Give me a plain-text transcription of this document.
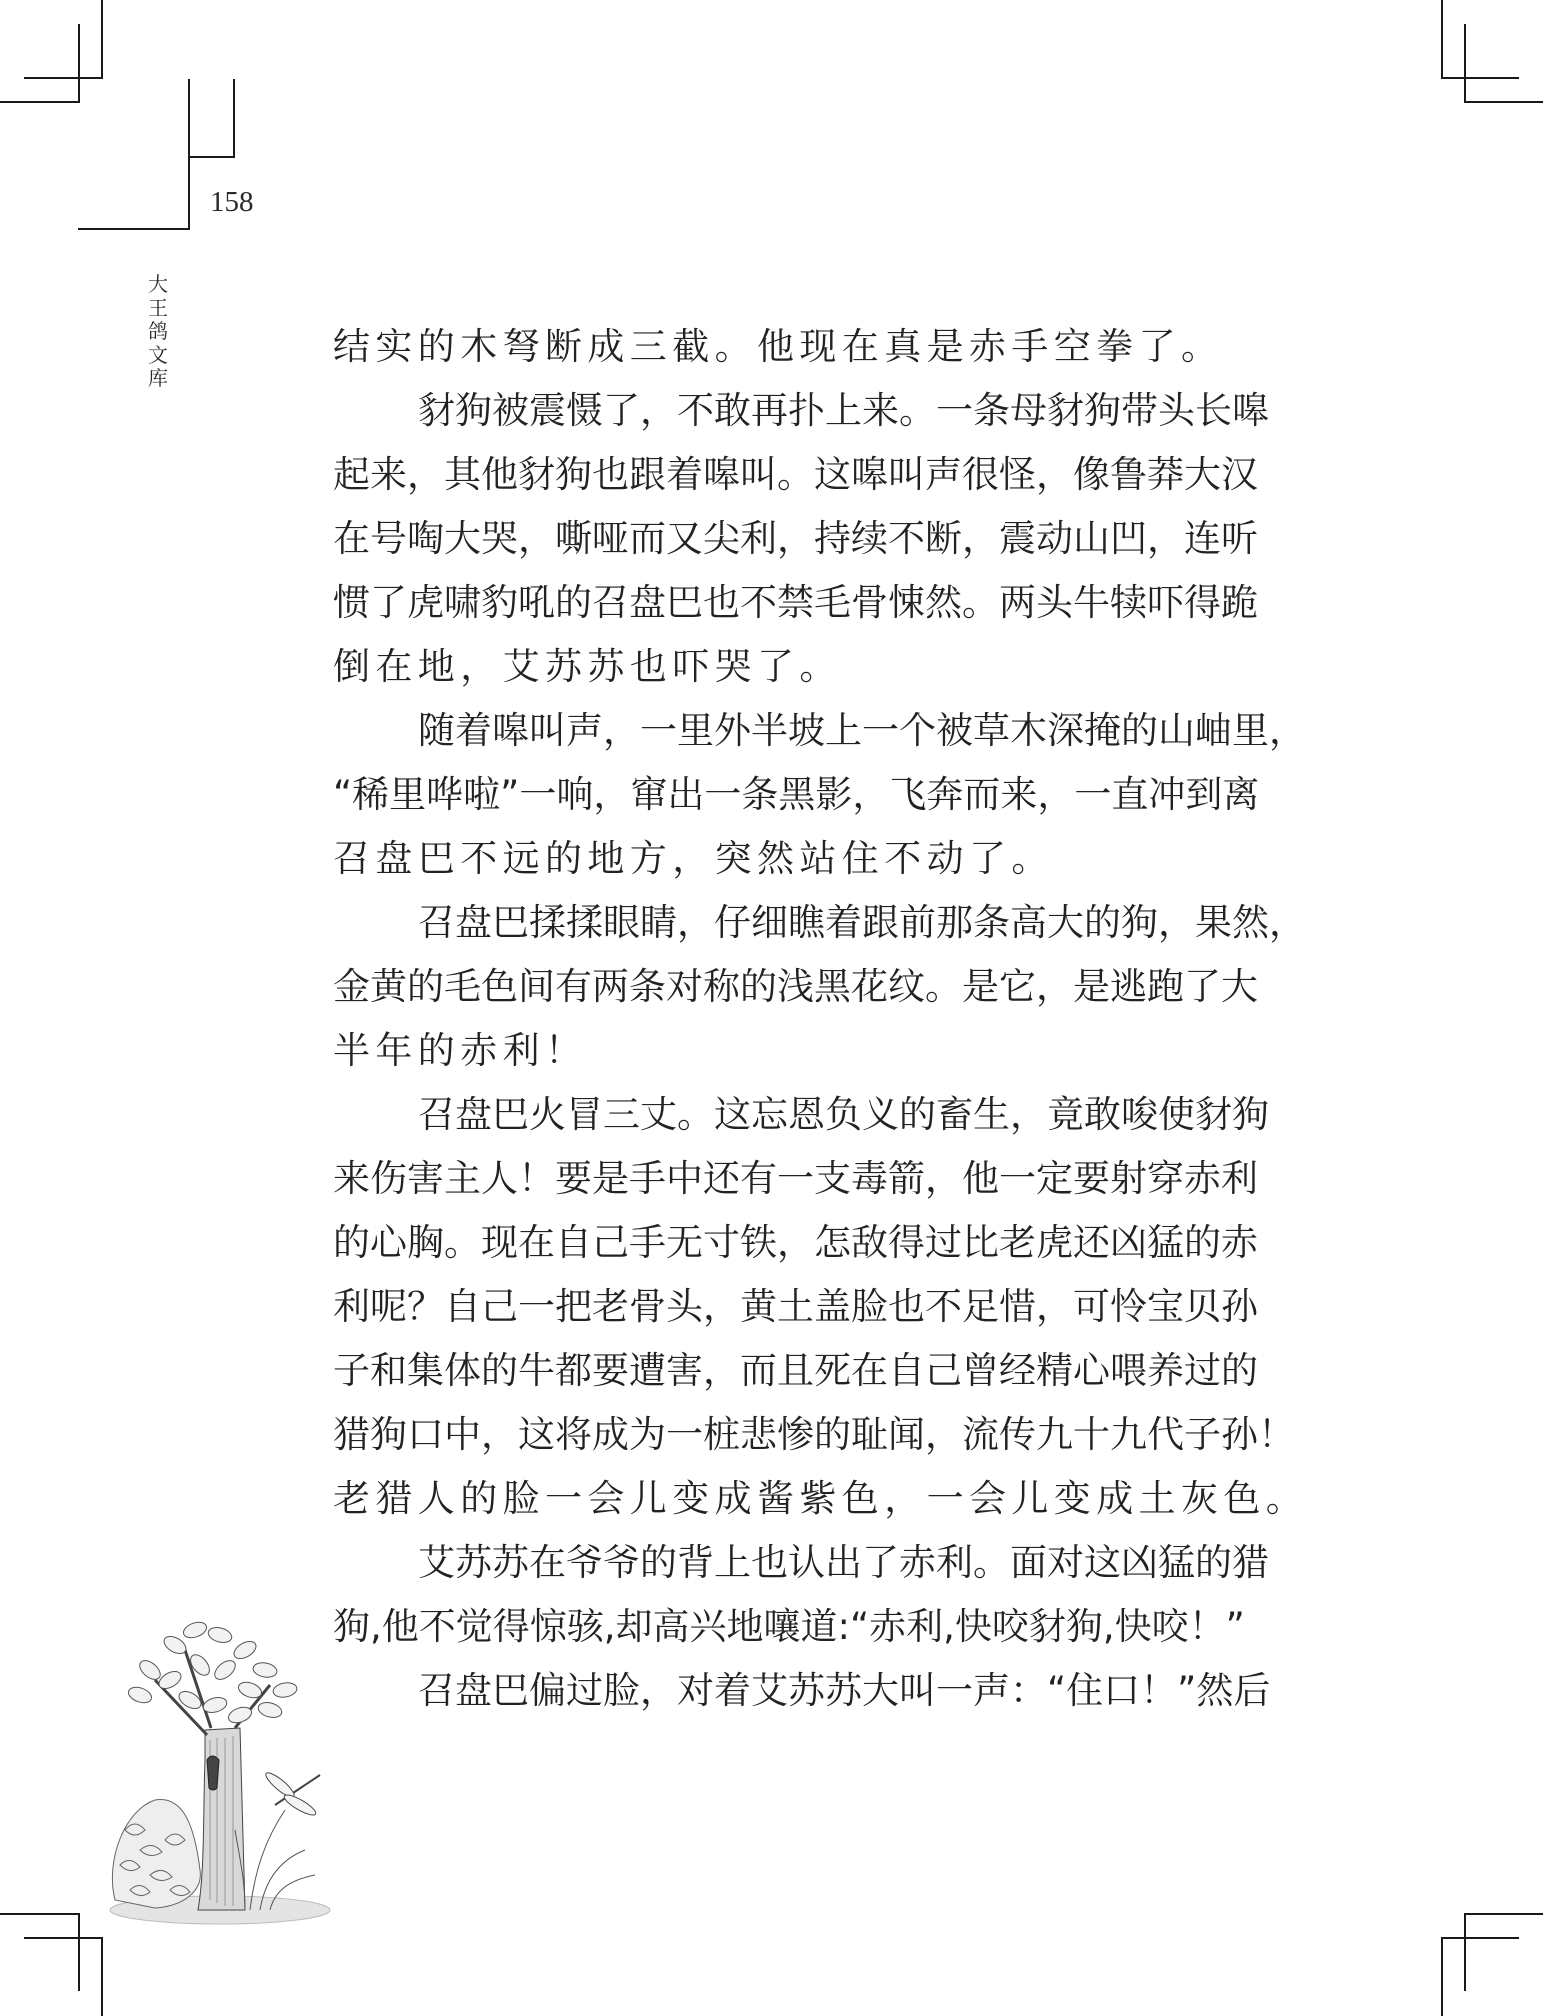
158
大
王
鸽
文
库
结实的木弩断成三截。他现在真是赤手空拳了。
豺狗被震慑了，不敢再扑上来。一条母豺狗带头长嗥
起来，其他豺狗也跟着嗥叫。这嗥叫声很怪，像鲁莽大汉
在号啕大哭，嘶哑而又尖利，持续不断，震动山凹，连听
惯了虎啸豹吼的召盘巴也不禁毛骨悚然。两头牛犊吓得跪
倒在地，艾苏苏也吓哭了。
随着嗥叫声，一里外半坡上一个被草木深掩的山岫里，
“稀里哗啦”一响，窜出一条黑影，飞奔而来，一直冲到离
召盘巴不远的地方，突然站住不动了。
召盘巴揉揉眼睛，仔细瞧着跟前那条高大的狗，果然，
金黄的毛色间有两条对称的浅黑花纹。是它，是逃跑了大
半年的赤利！
召盘巴火冒三丈。这忘恩负义的畜生，竟敢唆使豺狗
来伤害主人！要是手中还有一支毒箭，他一定要射穿赤利
的心胸。现在自己手无寸铁，怎敌得过比老虎还凶猛的赤
利呢？自己一把老骨头，黄土盖脸也不足惜，可怜宝贝孙
子和集体的牛都要遭害，而且死在自己曾经精心喂养过的
猎狗口中，这将成为一桩悲惨的耻闻，流传九十九代子孙！
老猎人的脸一会儿变成酱紫色，一会儿变成土灰色。
艾苏苏在爷爷的背上也认出了赤利。面对这凶猛的猎
狗,他不觉得惊骇,却高兴地嚷道:“赤利,快咬豺狗,快咬！”
召盘巴偏过脸，对着艾苏苏大叫一声：“住口！”然后
